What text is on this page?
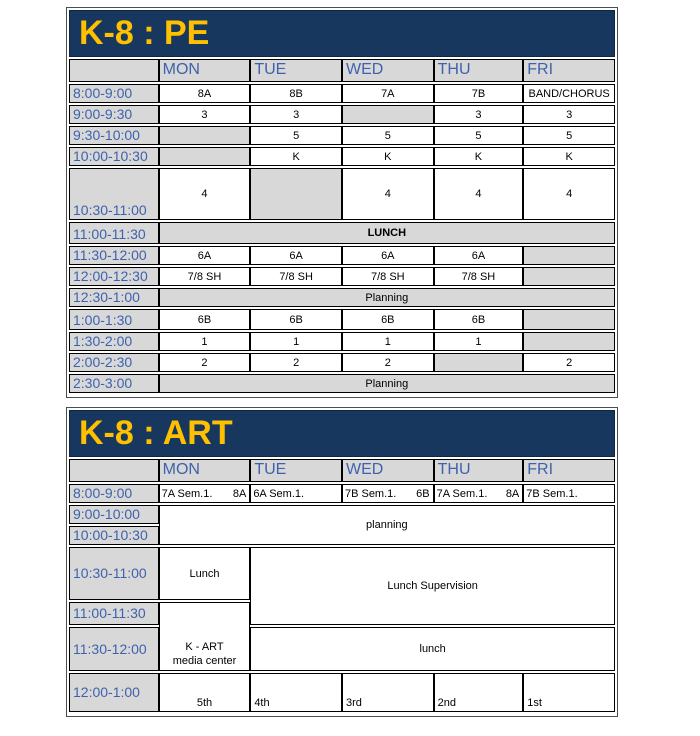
K-8 : PE
	MON	TUE	WED	THU	FRI
8:00-9:00	8A	8B	7A	7B	BAND/CHORUS
9:00-9:30	3	3		3	3
9:30-10:00		5	5	5	5
10:00-10:30		K	K	K	K
10:30-11:00	4		4	4	4
11:00-11:30	LUNCH				
11:30-12:00	6A	6A	6A	6A	
12:00-12:30	7/8 SH	7/8 SH	7/8 SH	7/8 SH	
12:30-1:00	Planning				
1:00-1:30	6B	6B	6B	6B	
1:30-2:00	1	1	1	1	
2:00-2:30	2	2	2		2
2:30-3:00	Planning				
K-8 : ART
	MON	TUE	WED	THU	FRI
8:00-9:00	7A Sem.1. 8A	6A Sem.1.	7B Sem.1. 6B	7A Sem.1. 8A	7B Sem.1.

9:00-10:00	planning				
10:00-10:30					
10:30-11:00	Lunch	Lunch Supervision			
11:00-11:30	K - ART
media center				

11:30-12:00		lunch			
12:00-1:00	5th	4th	3rd	2nd	1st
